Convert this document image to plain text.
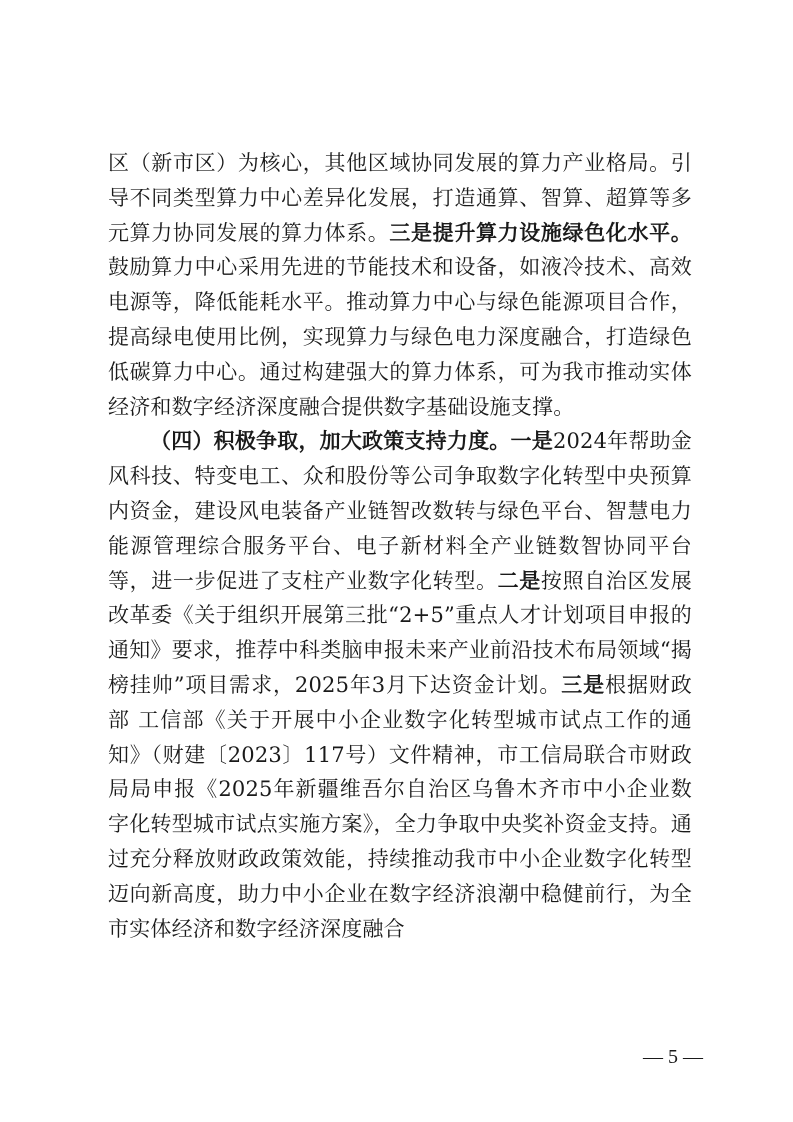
区（新市区）为核心，其他区域协同发展的算力产业格局。引导不同类型算力中心差异化发展，打造通算、智算、超算等多元算力协同发展的算力体系。三是提升算力设施绿色化水平。鼓励算力中心采用先进的节能技术和设备，如液冷技术、高效电源等，降低能耗水平。推动算力中心与绿色能源项目合作，提高绿电使用比例，实现算力与绿色电力深度融合，打造绿色低碳算力中心。通过构建强大的算力体系，可为我市推动实体经济和数字经济深度融合提供数字基础设施支撑。

（四）积极争取，加大政策支持力度。一是2024年帮助金风科技、特变电工、众和股份等公司争取数字化转型中央预算内资金，建设风电装备产业链智改数转与绿色平台、智慧电力能源管理综合服务平台、电子新材料全产业链数智协同平台等，进一步促进了支柱产业数字化转型。二是按照自治区发展改革委《关于组织开展第三批“2+5”重点人才计划项目申报的通知》要求，推荐中科类脑申报未来产业前沿技术布局领域“揭榜挂帅”项目需求，2025年3月下达资金计划。三是根据财政部 工信部《关于开展中小企业数字化转型城市试点工作的通知》（财建〔2023〕117号）文件精神，市工信局联合市财政局局申报《2025年新疆维吾尔自治区乌鲁木齐市中小企业数字化转型城市试点实施方案》，全力争取中央奖补资金支持。通过充分释放财政政策效能，持续推动我市中小企业数字化转型迈向新高度，助力中小企业在数字经济浪潮中稳健前行，为全市实体经济和数字经济深度融合

— 5 —
